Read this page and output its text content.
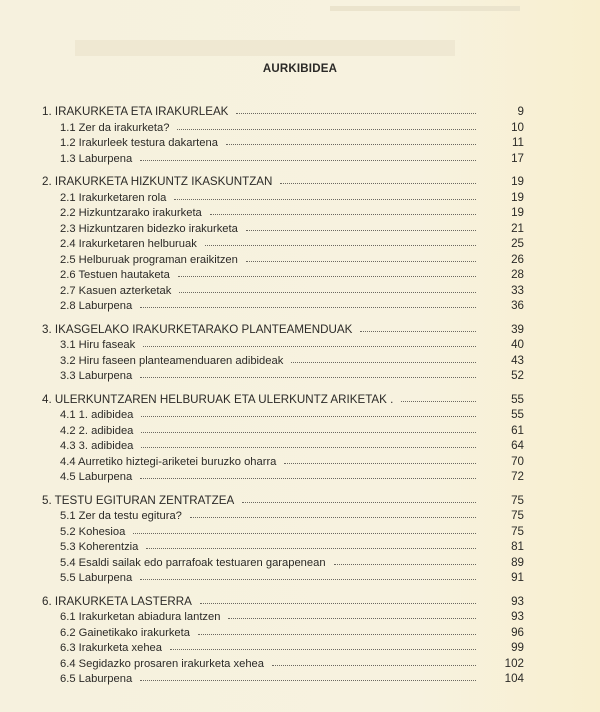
AURKIBIDEA
1. IRAKURKETA ETA IRAKURLEAK	9
1.1 Zer da irakurketa?	10
1.2 Irakurleek testura dakartena	11
1.3 Laburpena	17
2. IRAKURKETA HIZKUNTZ IKASKUNTZAN	19
2.1 Irakurketaren rola	19
2.2 Hizkuntzarako irakurketa	19
2.3 Hizkuntzaren bidezko irakurketa	21
2.4 Irakurketaren helburuak	25
2.5 Helburuak programan eraikitzen	26
2.6 Testuen hautaketa	28
2.7 Kasuen azterketak	33
2.8 Laburpena	36
3. IKASGELAKO IRAKURKETARAKO PLANTEAMENDUAK	39
3.1 Hiru faseak	40
3.2 Hiru faseen planteamenduaren adibideak	43
3.3 Laburpena	52
4. ULERKUNTZAREN HELBURUAK ETA ULERKUNTZ ARIKETAK .	55
4.1 1. adibidea	55
4.2 2. adibidea	61
4.3 3. adibidea	64
4.4 Aurretiko hiztegi-ariketei buruzko oharra	70
4.5 Laburpena	72
5. TESTU EGITURAN ZENTRATZEA	75
5.1 Zer da testu egitura?	75
5.2 Kohesioa	75
5.3 Koherentzia	81
5.4 Esaldi sailak edo parrafoak testuaren garapenean	89
5.5 Laburpena	91
6. IRAKURKETA LASTERRA	93
6.1 Irakurketan abiadura lantzen	93
6.2 Gainetikako irakurketa	96
6.3 Irakurketa xehea	99
6.4 Segidazko prosaren irakurketa xehea	102
6.5 Laburpena	104
